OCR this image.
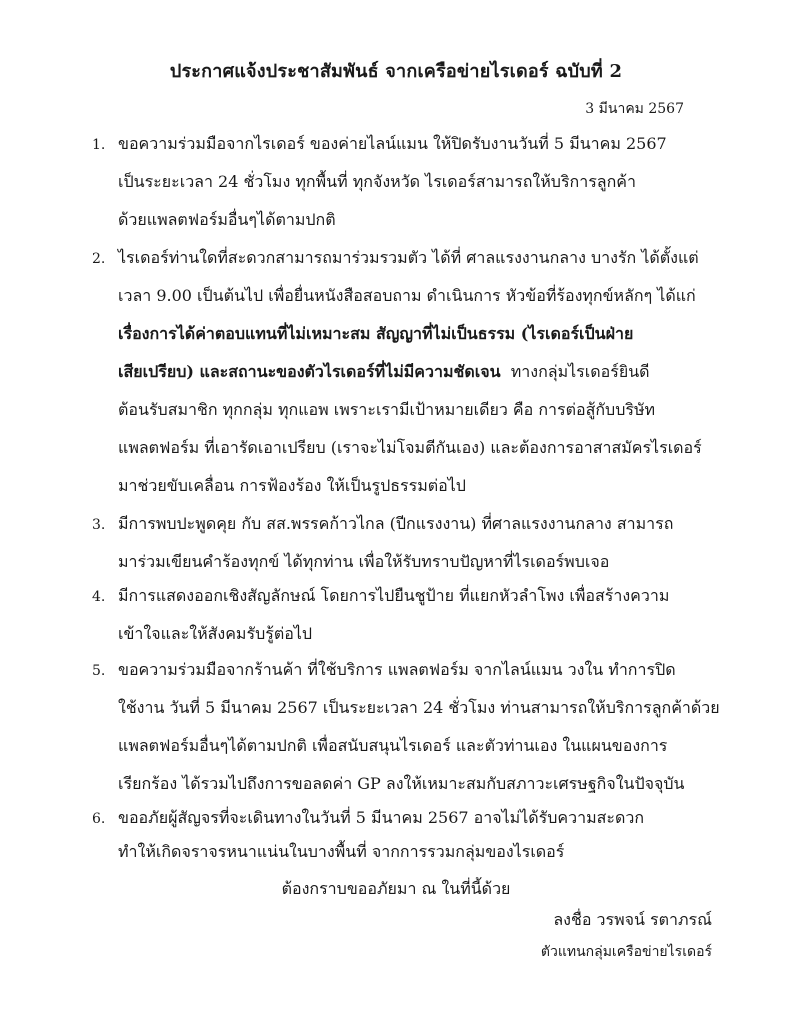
ประกาศแจ้งประชาสัมพันธ์ จากเครือข่ายไรเดอร์ ฉบับที่ 2
3 มีนาคม 2567
1. ขอความร่วมมือจากไรเดอร์ ของค่ายไลน์แมน ให้ปิดรับงานวันที่ 5 มีนาคม 2567
เป็นระยะเวลา 24 ชั่วโมง ทุกพื้นที่ ทุกจังหวัด ไรเดอร์สามารถให้บริการลูกค้า
ด้วยแพลตฟอร์มอื่นๆได้ตามปกติ
2. ไรเดอร์ท่านใดที่สะดวกสามารถมาร่วมรวมตัว ได้ที่ ศาลแรงงานกลาง บางรัก ได้ตั้งแต่
เวลา 9.00 เป็นต้นไป เพื่อยื่นหนังสือสอบถาม ดำเนินการ หัวข้อที่ร้องทุกข์หลักๆ ได้แก่
เรื่องการได้ค่าตอบแทนที่ไม่เหมาะสม สัญญาที่ไม่เป็นธรรม (ไรเดอร์เป็นฝ่าย
เสียเปรียบ) และสถานะของตัวไรเดอร์ที่ไม่มีความชัดเจน ทางกลุ่มไรเดอร์ยินดี
ต้อนรับสมาชิก ทุกกลุ่ม ทุกแอพ เพราะเรามีเป้าหมายเดียว คือ การต่อสู้กับบริษัท
แพลตฟอร์ม ที่เอารัดเอาเปรียบ (เราจะไม่โจมตีกันเอง) และต้องการอาสาสมัครไรเดอร์
มาช่วยขับเคลื่อน การฟ้องร้อง ให้เป็นรูปธรรมต่อไป
3. มีการพบปะพูดคุย กับ สส.พรรคก้าวไกล (ปีกแรงงาน) ที่ศาลแรงงานกลาง สามารถ
มาร่วมเขียนคำร้องทุกข์ ได้ทุกท่าน เพื่อให้รับทราบปัญหาที่ไรเดอร์พบเจอ
4. มีการแสดงออกเชิงสัญลักษณ์ โดยการไปยืนชูป้าย ที่แยกหัวลำโพง เพื่อสร้างความ
เข้าใจและให้สังคมรับรู้ต่อไป
5. ขอความร่วมมือจากร้านค้า ที่ใช้บริการ แพลตฟอร์ม จากไลน์แมน วงใน ทำการปิด
ใช้งาน วันที่ 5 มีนาคม 2567 เป็นระยะเวลา 24 ชั่วโมง ท่านสามารถให้บริการลูกค้าด้วย
แพลตฟอร์มอื่นๆได้ตามปกติ เพื่อสนับสนุนไรเดอร์ และตัวท่านเอง ในแผนของการ
เรียกร้อง ได้รวมไปถึงการขอลดค่า GP ลงให้เหมาะสมกับสภาวะเศรษฐกิจในปัจจุบัน
6. ขออภัยผู้สัญจรที่จะเดินทางในวันที่ 5 มีนาคม 2567 อาจไม่ได้รับความสะดวก
ทำให้เกิดจราจรหนาแน่นในบางพื้นที่ จากการรวมกลุ่มของไรเดอร์
ต้องกราบขออภัยมา ณ ในที่นี้ด้วย
ลงชื่อ วรพจน์ รตาภรณ์
ตัวแทนกลุ่มเครือข่ายไรเดอร์
